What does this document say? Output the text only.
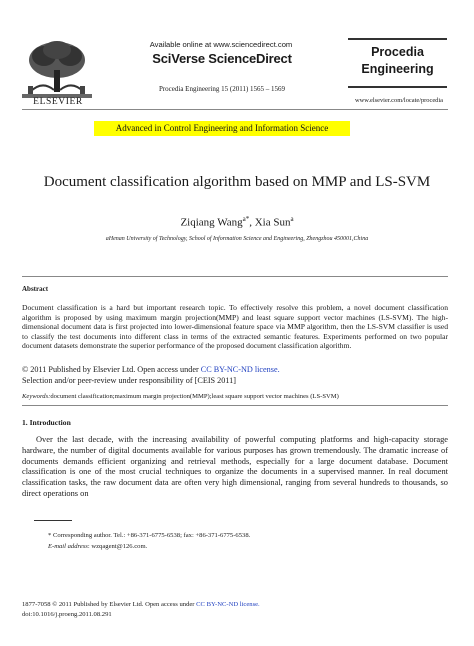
ELSEVIER
Available online at www.sciencedirect.com
SciVerse ScienceDirect
Procedia Engineering 15 (2011) 1565 – 1569
Procedia
Engineering
www.elsevier.com/locate/procedia
Advanced in Control Engineering and Information Science
Document classification algorithm based on MMP and LS-SVM
Ziqiang Wang$^{a*}$, Xia Sun$^a$
aHenan University of Technology, School of Information Science and Engineering, Zhengzhou 450001,China
Abstract
Document classification is a hard but important research topic. To effectively resolve this problem, a novel document classification algorithm is proposed by using maximum margin projection(MMP) and least square support vector machines (LS-SVM). The high-dimensional document data is first projected into lower-dimensional feature space via MMP algorithm, then the LS-SVM classifier is used to classify the test documents into different class in terms of the extracted semantic features. Experiments performed on two popular document datasets demonstrate the superior performance of the proposed document classification algorithm.
© 2011 Published by Elsevier Ltd. Open access under CC BY-NC-ND license.
Selection and/or peer-review under responsibility of [CEIS 2011]
Keywords:document classification;maximum margin projection(MMP);least square support vector machines (LS-SVM)
1. Introduction
Over the last decade, with the increasing availability of powerful computing platforms and high-capacity storage hardware, the number of digital documents available for various purposes has grown tremendously. The dramatic increase of documents demands efficient organizing and retrieval methods, especially for a large document database. Document classification is one of the most crucial techniques to organize the documents in a supervised manner. In real document classification tasks, the raw document data are often very high dimensional, ranging from several hundreds to thousands, so direct operations on
* Corresponding author. Tel.: +86-371-6775-6538; fax: +86-371-6775-6538.
E-mail address: wzqagent@126.com.
1877-7058 © 2011 Published by Elsevier Ltd. Open access under CC BY-NC-ND license.
doi:10.1016/j.proeng.2011.08.291
